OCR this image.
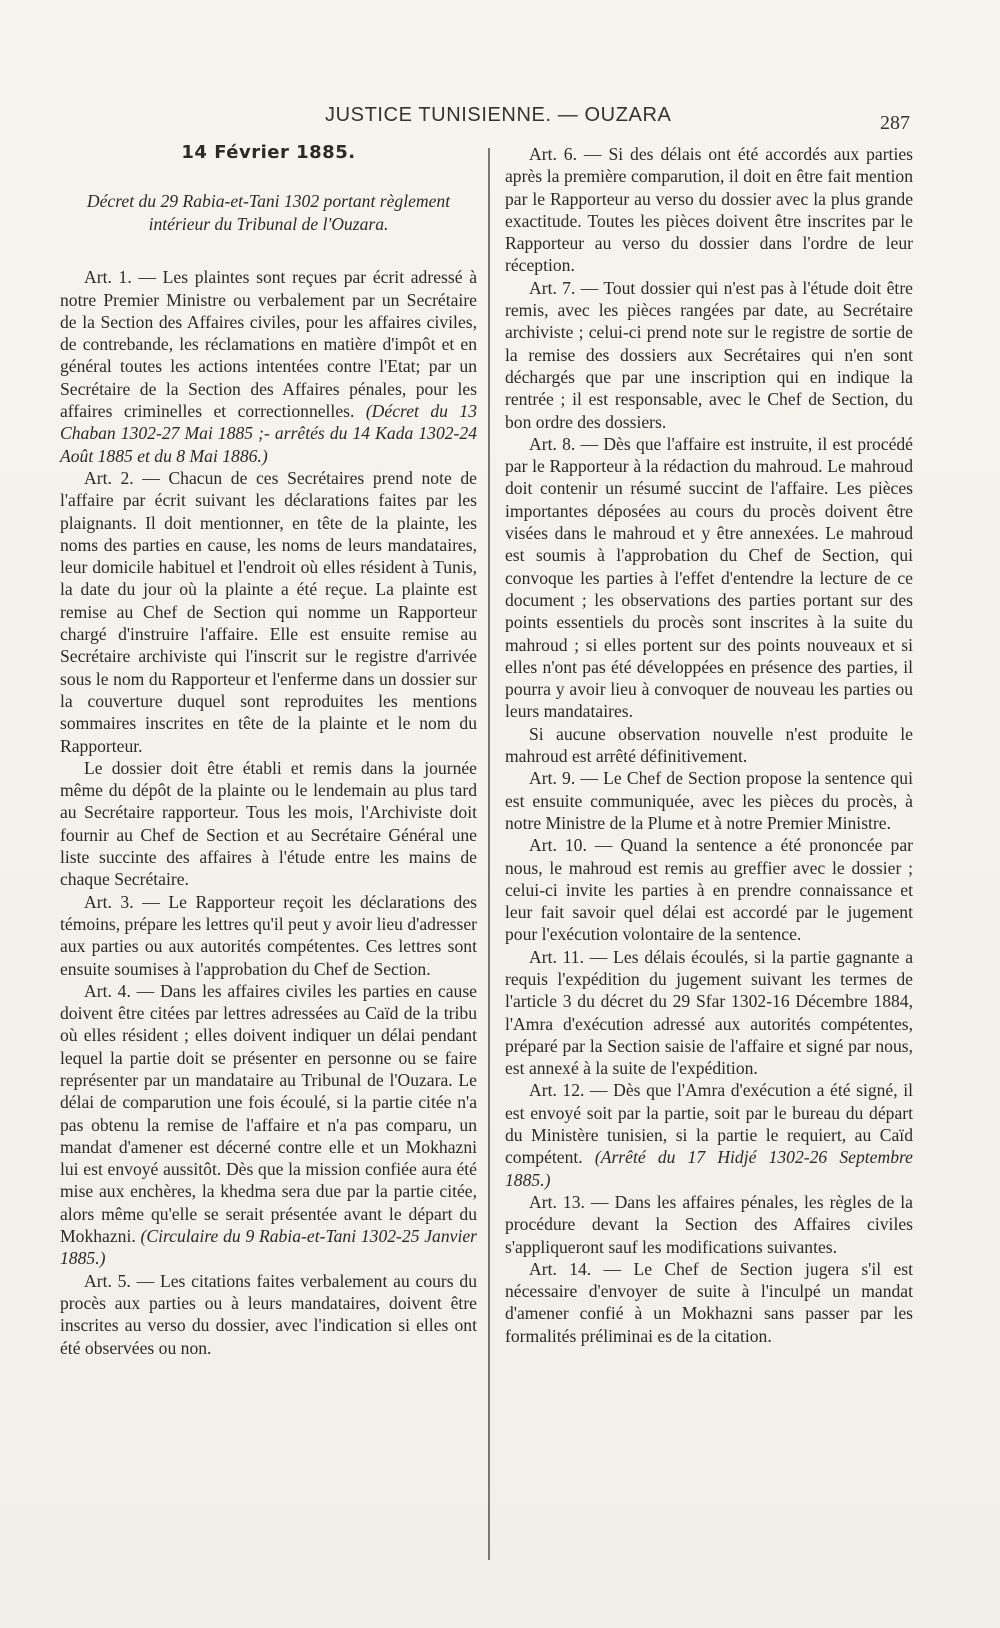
JUSTICE TUNISIENNE. — OUZARA	287
14 Février 1885.
Décret du 29 Rabia-et-Tani 1302 portant règlement intérieur du Tribunal de l'Ouzara.

Art. 1. — Les plaintes sont reçues par écrit adressé à notre Premier Ministre ou verbalement par un Secrétaire de la Section des Affaires civiles, pour les affaires civiles, de contrebande, les réclamations en matière d'impôt et en général toutes les actions intentées contre l'Etat; par un Secrétaire de la Section des Affaires pénales, pour les affaires criminelles et correctionnelles. (Décret du 13 Chaban 1302-27 Mai 1885 ;- arrêtés du 14 Kada 1302-24 Août 1885 et du 8 Mai 1886.)

Art. 2. — Chacun de ces Secrétaires prend note de l'affaire par écrit suivant les déclarations faites par les plaignants. Il doit mentionner, en tête de la plainte, les noms des parties en cause, les noms de leurs mandataires, leur domicile habituel et l'endroit où elles résident à Tunis, la date du jour où la plainte a été reçue. La plainte est remise au Chef de Section qui nomme un Rapporteur chargé d'instruire l'affaire. Elle est ensuite remise au Secrétaire archiviste qui l'inscrit sur le registre d'arrivée sous le nom du Rapporteur et l'enferme dans un dossier sur la couverture duquel sont reproduites les mentions sommaires inscrites en tête de la plainte et le nom du Rapporteur.

Le dossier doit être établi et remis dans la journée même du dépôt de la plainte ou le lendemain au plus tard au Secrétaire rapporteur. Tous les mois, l'Archiviste doit fournir au Chef de Section et au Secrétaire Général une liste succinte des affaires à l'étude entre les mains de chaque Secrétaire.

Art. 3. — Le Rapporteur reçoit les déclarations des témoins, prépare les lettres qu'il peut y avoir lieu d'adresser aux parties ou aux autorités compétentes. Ces lettres sont ensuite soumises à l'approbation du Chef de Section.

Art. 4. — Dans les affaires civiles les parties en cause doivent être citées par lettres adressées au Caïd de la tribu où elles résident ; elles doivent indiquer un délai pendant lequel la partie doit se présenter en personne ou se faire représenter par un mandataire au Tribunal de l'Ouzara. Le délai de comparution une fois écoulé, si la partie citée n'a pas obtenu la remise de l'affaire et n'a pas comparu, un mandat d'amener est décerné contre elle et un Mokhazni lui est envoyé aussitôt. Dès que la mission confiée aura été mise aux enchères, la khedma sera due par la partie citée, alors même qu'elle se serait présentée avant le départ du Mokhazni. (Circulaire du 9 Rabia-et-Tani 1302-25 Janvier 1885.)

Art. 5. — Les citations faites verbalement au cours du procès aux parties ou à leurs mandataires, doivent être inscrites au verso du dossier, avec l'indication si elles ont été observées ou non.

Art. 6. — Si des délais ont été accordés aux parties après la première comparution, il doit en être fait mention par le Rapporteur au verso du dossier avec la plus grande exactitude. Toutes les pièces doivent être inscrites par le Rapporteur au verso du dossier dans l'ordre de leur réception.

Art. 7. — Tout dossier qui n'est pas à l'étude doit être remis, avec les pièces rangées par date, au Secrétaire archiviste ; celui-ci prend note sur le registre de sortie de la remise des dossiers aux Secrétaires qui n'en sont déchargés que par une inscription qui en indique la rentrée ; il est responsable, avec le Chef de Section, du bon ordre des dossiers.

Art. 8. — Dès que l'affaire est instruite, il est procédé par le Rapporteur à la rédaction du mahroud. Le mahroud doit contenir un résumé succint de l'affaire. Les pièces importantes déposées au cours du procès doivent être visées dans le mahroud et y être annexées. Le mahroud est soumis à l'approbation du Chef de Section, qui convoque les parties à l'effet d'entendre la lecture de ce document ; les observations des parties portant sur des points essentiels du procès sont inscrites à la suite du mahroud ; si elles portent sur des points nouveaux et si elles n'ont pas été développées en présence des parties, il pourra y avoir lieu à convoquer de nouveau les parties ou leurs mandataires.

Si aucune observation nouvelle n'est produite le mahroud est arrêté définitivement.

Art. 9. — Le Chef de Section propose la sentence qui est ensuite communiquée, avec les pièces du procès, à notre Ministre de la Plume et à notre Premier Ministre.

Art. 10. — Quand la sentence a été prononcée par nous, le mahroud est remis au greffier avec le dossier ; celui-ci invite les parties à en prendre connaissance et leur fait savoir quel délai est accordé par le jugement pour l'exécution volontaire de la sentence.

Art. 11. — Les délais écoulés, si la partie gagnante a requis l'expédition du jugement suivant les termes de l'article 3 du décret du 29 Sfar 1302-16 Décembre 1884, l'Amra d'exécution adressé aux autorités compétentes, préparé par la Section saisie de l'affaire et signé par nous, est annexé à la suite de l'expédition.

Art. 12. — Dès que l'Amra d'exécution a été signé, il est envoyé soit par la partie, soit par le bureau du départ du Ministère tunisien, si la partie le requiert, au Caïd compétent. (Arrêté du 17 Hidjé 1302-26 Septembre 1885.)

Art. 13. — Dans les affaires pénales, les règles de la procédure devant la Section des Affaires civiles s'appliqueront sauf les modifications suivantes.

Art. 14. — Le Chef de Section jugera s'il est nécessaire d'envoyer de suite à l'inculpé un mandat d'amener confié à un Mokhazni sans passer par les formalités préliminai es de la citation.
